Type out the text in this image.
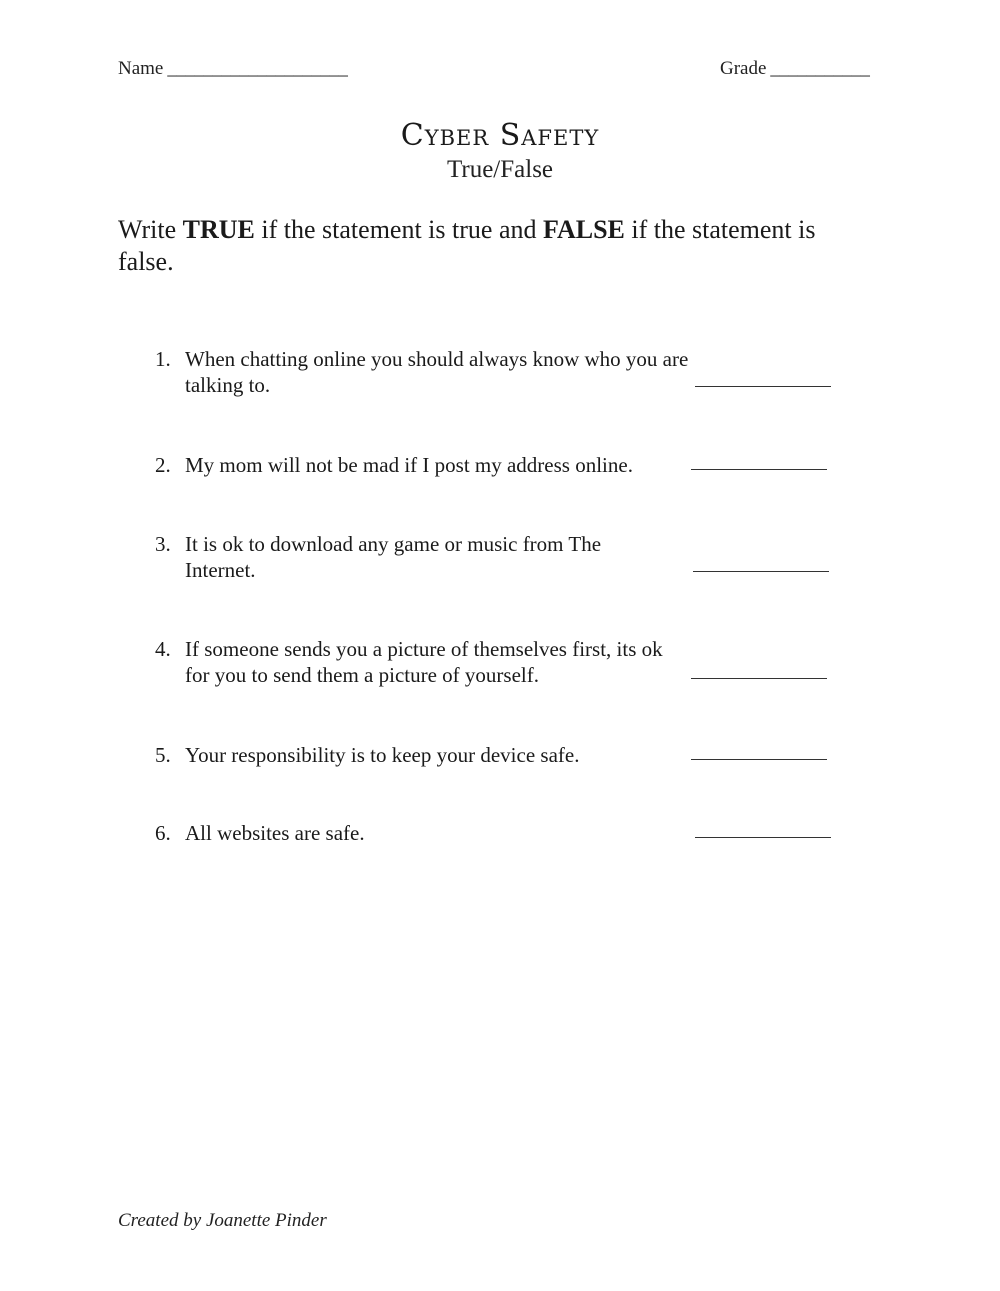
Name ____________________	Grade ___________
Cyber Safety
True/False
Write TRUE if the statement is true and FALSE if the statement is false.
1. When chatting online you should always know who you are talking to.
2. My mom will not be mad if I post my address online.
3. It is ok to download any game or music from The Internet.
4. If someone sends you a picture of themselves first, its ok for you to send them a picture of yourself.
5. Your responsibility is to keep your device safe.
6. All websites are safe.
Created by Joanette Pinder
